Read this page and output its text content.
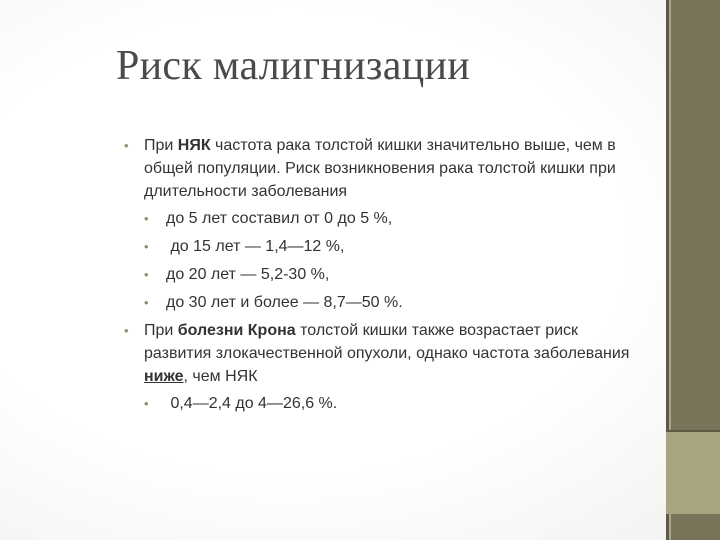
Риск малигнизации
• При НЯК частота рака толстой кишки значительно выше, чем в общей популяции. Риск возникновения рака толстой кишки при длительности заболевания
• до 5 лет составил от 0 до 5 %,
• до 15 лет — 1,4—12 %,
• до 20 лет — 5,2-30 %,
• до 30 лет и более — 8,7—50 %.
• При болезни Крона толстой кишки также возрастает риск развития злокачественной опухоли, однако частота заболевания ниже, чем НЯК
• 0,4—2,4 до 4—26,6 %.
